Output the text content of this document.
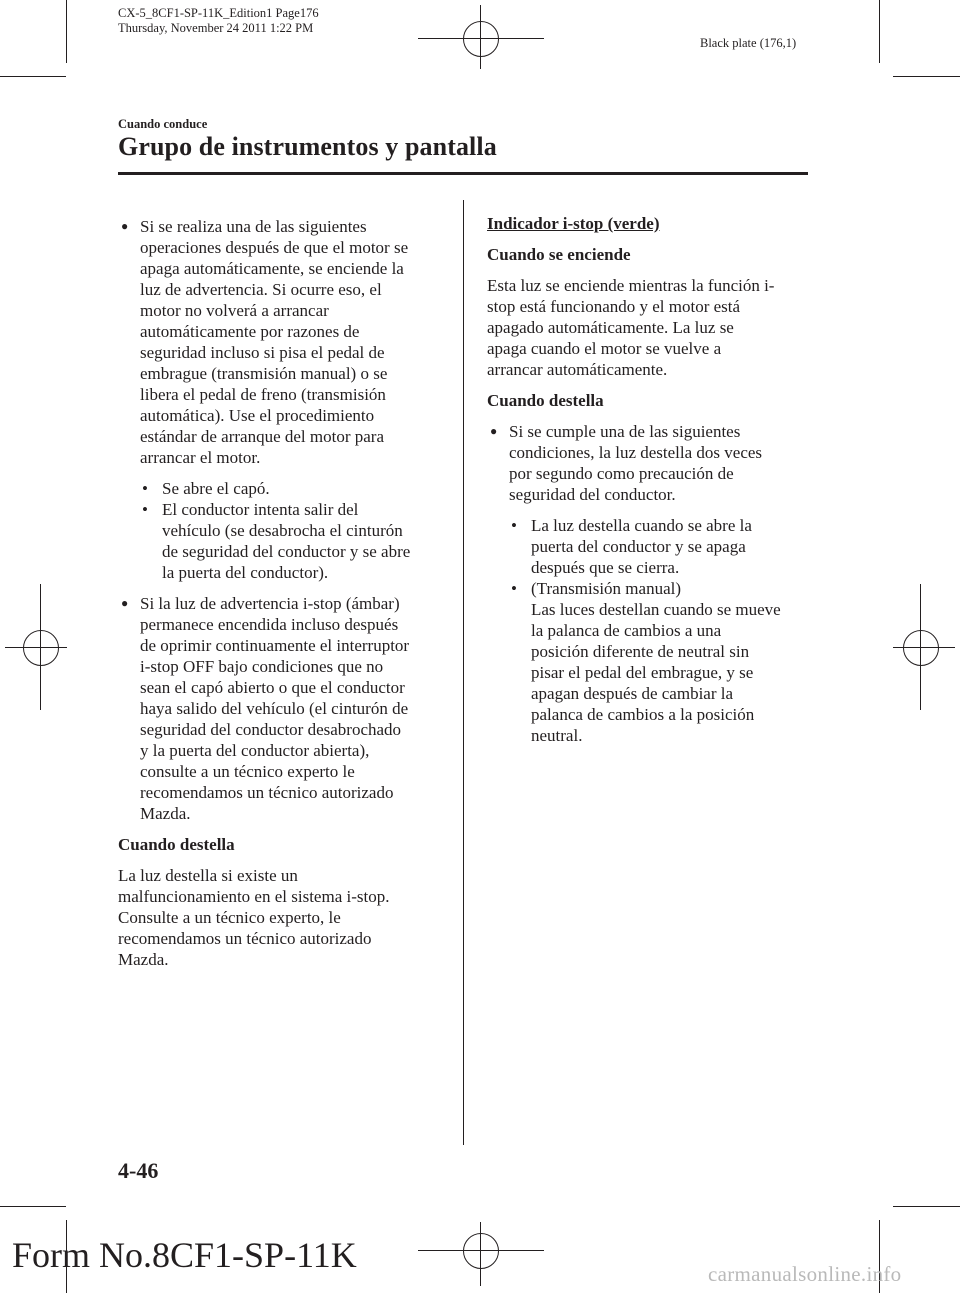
CX-5_8CF1-SP-11K_Edition1 Page176
Thursday, November 24 2011 1:22 PM
Black plate (176,1)
Cuando conduce
Grupo de instrumentos y pantalla
● Si se realiza una de las siguientes
operaciones después de que el motor se
apaga automáticamente, se enciende la
luz de advertencia. Si ocurre eso, el
motor no volverá a arrancar
automáticamente por razones de
seguridad incluso si pisa el pedal de
embrague (transmisión manual) o se
libera el pedal de freno (transmisión
automática). Use el procedimiento
estándar de arranque del motor para
arrancar el motor.
• Se abre el capó.
• El conductor intenta salir del
vehículo (se desabrocha el cinturón
de seguridad del conductor y se abre
la puerta del conductor).
● Si la luz de advertencia i-stop (ámbar)
permanece encendida incluso después
de oprimir continuamente el interruptor
i-stop OFF bajo condiciones que no
sean el capó abierto o que el conductor
haya salido del vehículo (el cinturón de
seguridad del conductor desabrochado
y la puerta del conductor abierta),
consulte a un técnico experto le
recomendamos un técnico autorizado
Mazda.
Cuando destella
La luz destella si existe un
malfuncionamiento en el sistema i-stop.
Consulte a un técnico experto, le
recomendamos un técnico autorizado
Mazda.
Indicador i-stop (verde)
Cuando se enciende
Esta luz se enciende mientras la función i-
stop está funcionando y el motor está
apagado automáticamente. La luz se
apaga cuando el motor se vuelve a
arrancar automáticamente.
Cuando destella
● Si se cumple una de las siguientes
condiciones, la luz destella dos veces
por segundo como precaución de
seguridad del conductor.
• La luz destella cuando se abre la
puerta del conductor y se apaga
después que se cierra.
• (Transmisión manual)
Las luces destellan cuando se mueve
la palanca de cambios a una
posición diferente de neutral sin
pisar el pedal del embrague, y se
apagan después de cambiar la
palanca de cambios a la posición
neutral.
4-46
Form No.8CF1-SP-11K	carmanualsonline.info
